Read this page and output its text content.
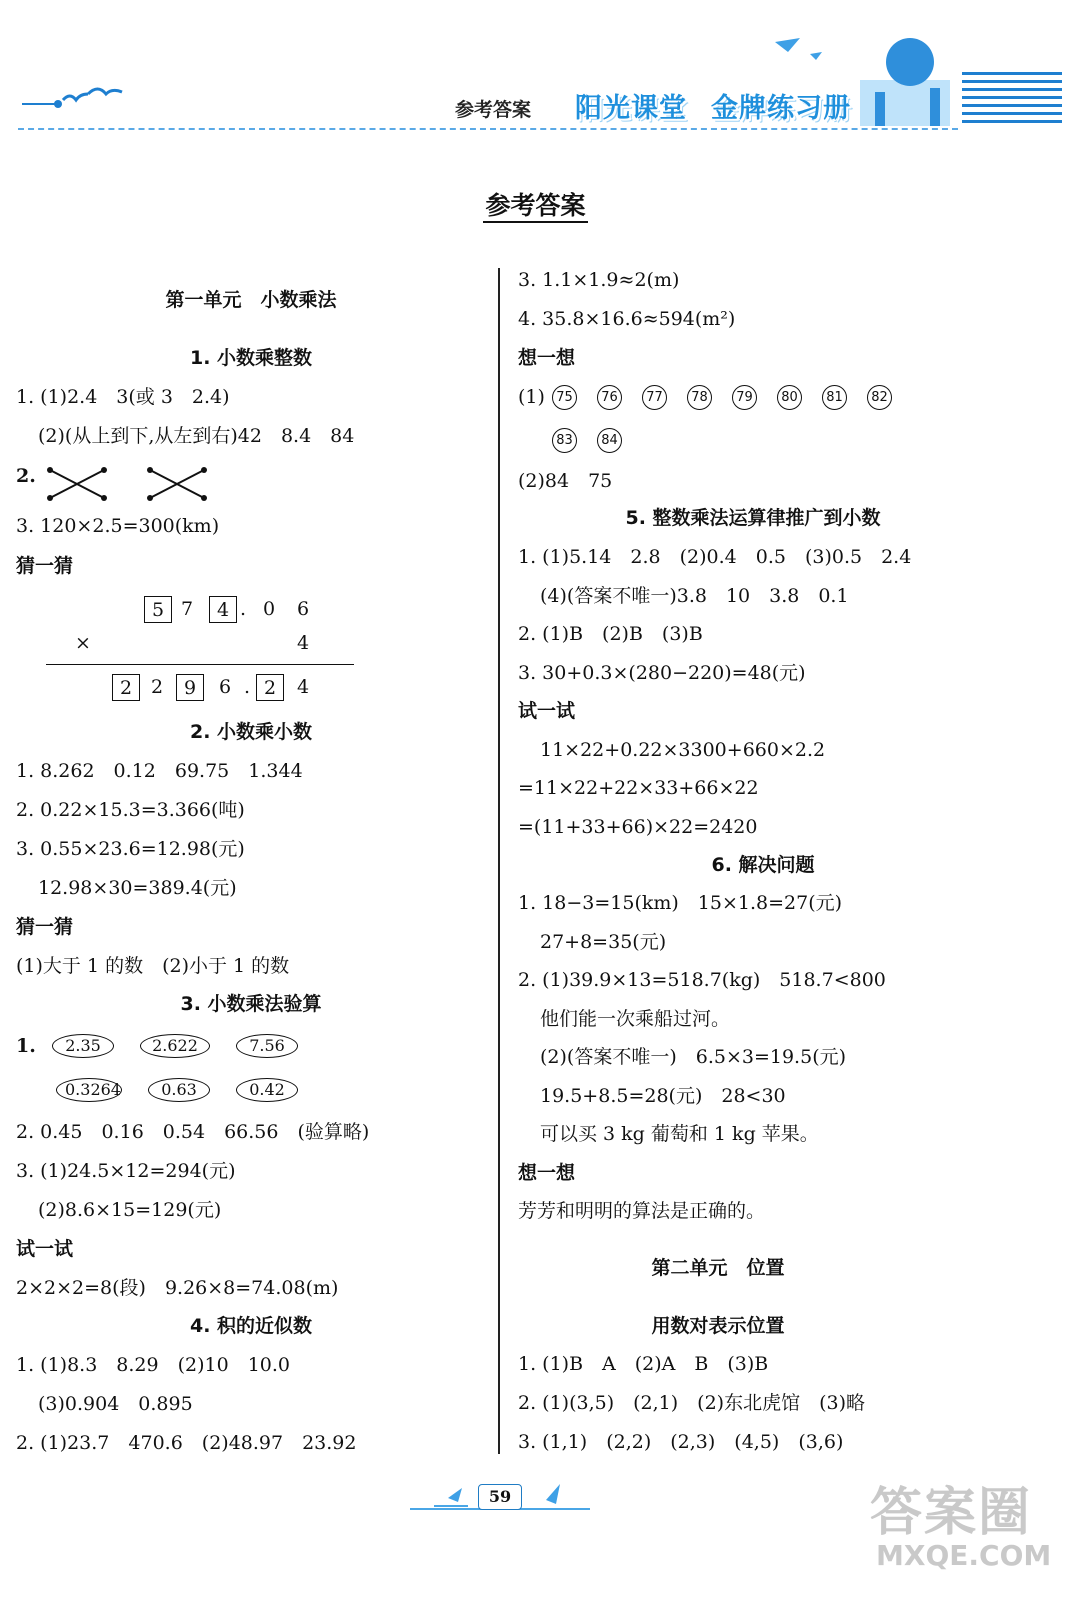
参考答案 阳光课堂 金牌练习册
参考答案
第一单元　小数乘法
1. 小数乘整数
1. (1)2.4　3(或 3　2.4)
(2)(从上到下,从左到右)42　8.4　84
2.
3. 120×2.5=300(km)
猜一猜
5 7	4 . 0	6
×	4
2 2	9	6 . 2	4
2. 小数乘小数
1. 8.262　0.12　69.75　1.344
2. 0.22×15.3=3.366(吨)
3. 0.55×23.6=12.98(元)
12.98×30=389.4(元)
猜一猜
(1)大于 1 的数　(2)小于 1 的数
3. 小数乘法验算
1.	2.35	2.622	7.56
0.3264	0.63	0.42
2. 0.45　0.16　0.54　66.56　(验算略)
3. (1)24.5×12=294(元)
(2)8.6×15=129(元)
试一试
2×2×2=8(段)　9.26×8=74.08(m)
4. 积的近似数
1. (1)8.3　8.29　(2)10　10.0
(3)0.904　0.895
2. (1)23.7　470.6　(2)48.97　23.92
3. 1.1×1.9≈2(m)
4. 35.8×16.6≈594(m²)
想一想
(1) 75 76 77 78 79 80 81 82
83 84
(2)84　75
5. 整数乘法运算律推广到小数
1. (1)5.14　2.8　(2)0.4　0.5　(3)0.5　2.4
(4)(答案不唯一)3.8　10　3.8　0.1
2. (1)B　(2)B　(3)B
3. 30+0.3×(280−220)=48(元)
试一试
11×22+0.22×3300+660×2.2
=11×22+22×33+66×22
=(11+33+66)×22=2420
6. 解决问题
1. 18−3=15(km)　15×1.8=27(元)
27+8=35(元)
2. (1)39.9×13=518.7(kg)　518.7<800
他们能一次乘船过河。
(2)(答案不唯一)　6.5×3=19.5(元)
19.5+8.5=28(元)　28<30
可以买 3 kg 葡萄和 1 kg 苹果。
想一想
芳芳和明明的算法是正确的。
第二单元　位置
用数对表示位置
1. (1)B　A　(2)A　B　(3)B
2. (1)(3,5)　(2,1)　(2)东北虎馆　(3)略
3. (1,1)　(2,2)　(2,3)　(4,5)　(3,6)
59	答案圈
MXQE.COM
